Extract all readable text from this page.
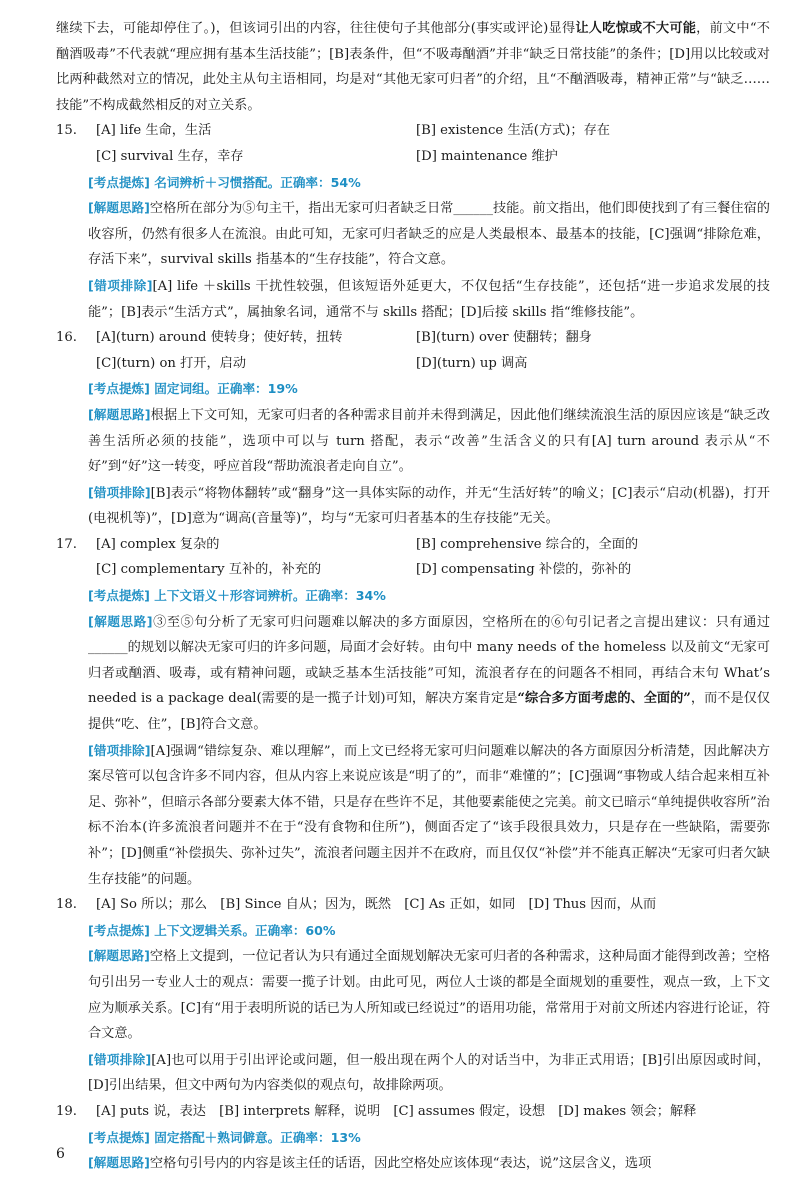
继续下去，可能却停住了。)，但该词引出的内容，往往使句子其他部分(事实或评论)显得让人吃惊或不大可能，前文中“不酗酒吸毒”不代表就“理应拥有基本生活技能”；[B]表条件，但“不吸毒酗酒”并非“缺乏日常技能”的条件；[D]用以比较或对比两种截然对立的情况，此处主从句主语相同，均是对“其他无家可归者”的介绍，且“不酗酒吸毒，精神正常”与“缺乏……技能”不构成截然相反的对立关系。

15.	[A] life 生命，生活	[B] existence 生活(方式)；存在
[C] survival 生存，幸存	[D] maintenance 维护
[考点提炼] 名词辨析＋习惯搭配。正确率：54%

[解题思路]空格所在部分为⑤句主干，指出无家可归者缺乏日常______技能。前文指出，他们即使找到了有三餐住宿的收容所，仍然有很多人在流浪。由此可知，无家可归者缺乏的应是人类最根本、最基本的技能，[C]强调“排除危难，存活下来”，survival skills 指基本的“生存技能”，符合文意。

[错项排除][A] life ＋skills 干扰性较强，但该短语外延更大，不仅包括“生存技能”，还包括“进一步追求发展的技能”；[B]表示“生活方式”，属抽象名词，通常不与 skills 搭配；[D]后接 skills 指“维修技能”。

16.	[A](turn) around 使转身；使好转，扭转	[B](turn) over 使翻转；翻身
[C](turn) on 打开，启动	[D](turn) up 调高
[考点提炼] 固定词组。正确率：19%

[解题思路]根据上下文可知，无家可归者的各种需求目前并未得到满足，因此他们继续流浪生活的原因应该是“缺乏改善生活所必须的技能”，选项中可以与 turn 搭配，表示“改善”生活含义的只有[A] turn around 表示从“不好”到“好”这一转变，呼应首段“帮助流浪者走向自立”。

[错项排除][B]表示“将物体翻转”或“翻身”这一具体实际的动作，并无“生活好转”的喻义；[C]表示“启动(机器)，打开(电视机等)”，[D]意为“调高(音量等)”，均与“无家可归者基本的生存技能”无关。

17.	[A] complex 复杂的	[B] comprehensive 综合的，全面的
[C] complementary 互补的，补充的	[D] compensating 补偿的，弥补的
[考点提炼] 上下文语义＋形容词辨析。正确率：34%

[解题思路]③至⑤句分析了无家可归问题难以解决的多方面原因，空格所在的⑥句引记者之言提出建议：只有通过______的规划以解决无家可归的许多问题，局面才会好转。由句中 many needs of the homeless 以及前文“无家可归者或酗酒、吸毒，或有精神问题，或缺乏基本生活技能”可知，流浪者存在的问题各不相同，再结合末句 What’s needed is a package deal(需要的是一揽子计划)可知，解决方案肯定是“综合多方面考虑的、全面的”，而不是仅仅提供“吃、住”，[B]符合文意。

[错项排除][A]强调“错综复杂、难以理解”，而上文已经将无家可归问题难以解决的各方面原因分析清楚，因此解决方案尽管可以包含许多不同内容，但从内容上来说应该是“明了的”，而非“难懂的”；[C]强调“事物或人结合起来相互补足、弥补”，但暗示各部分要素大体不错，只是存在些许不足，其他要素能使之完美。前文已暗示“单纯提供收容所”治标不治本(许多流浪者问题并不在于“没有食物和住所”)，侧面否定了“该手段很具效力，只是存在一些缺陷，需要弥补”；[D]侧重“补偿损失、弥补过失”，流浪者问题主因并不在政府，而且仅仅“补偿”并不能真正解决“无家可归者欠缺生存技能”的问题。

18.	[A] So 所以；那么　[B] Since 自从；因为，既然　[C] As 正如，如同　[D] Thus 因而，从而
[考点提炼] 上下文逻辑关系。正确率：60%

[解题思路]空格上文提到，一位记者认为只有通过全面规划解决无家可归者的各种需求，这种局面才能得到改善；空格句引出另一专业人士的观点：需要一揽子计划。由此可见，两位人士谈的都是全面规划的重要性，观点一致，上下文应为顺承关系。[C]有“用于表明所说的话已为人所知或已经说过”的语用功能，常常用于对前文所述内容进行论证，符合文意。

[错项排除][A]也可以用于引出评论或问题，但一般出现在两个人的对话当中，为非正式用语；[B]引出原因或时间，[D]引出结果，但文中两句为内容类似的观点句，故排除两项。

19.	[A] puts 说，表达　[B] interprets 解释，说明　[C] assumes 假定，设想　[D] makes 领会；解释
[考点提炼] 固定搭配＋熟词僻意。正确率：13%

[解题思路]空格句引号内的内容是该主任的话语，因此空格处应该体现“表达，说”这层含义，选项

6
